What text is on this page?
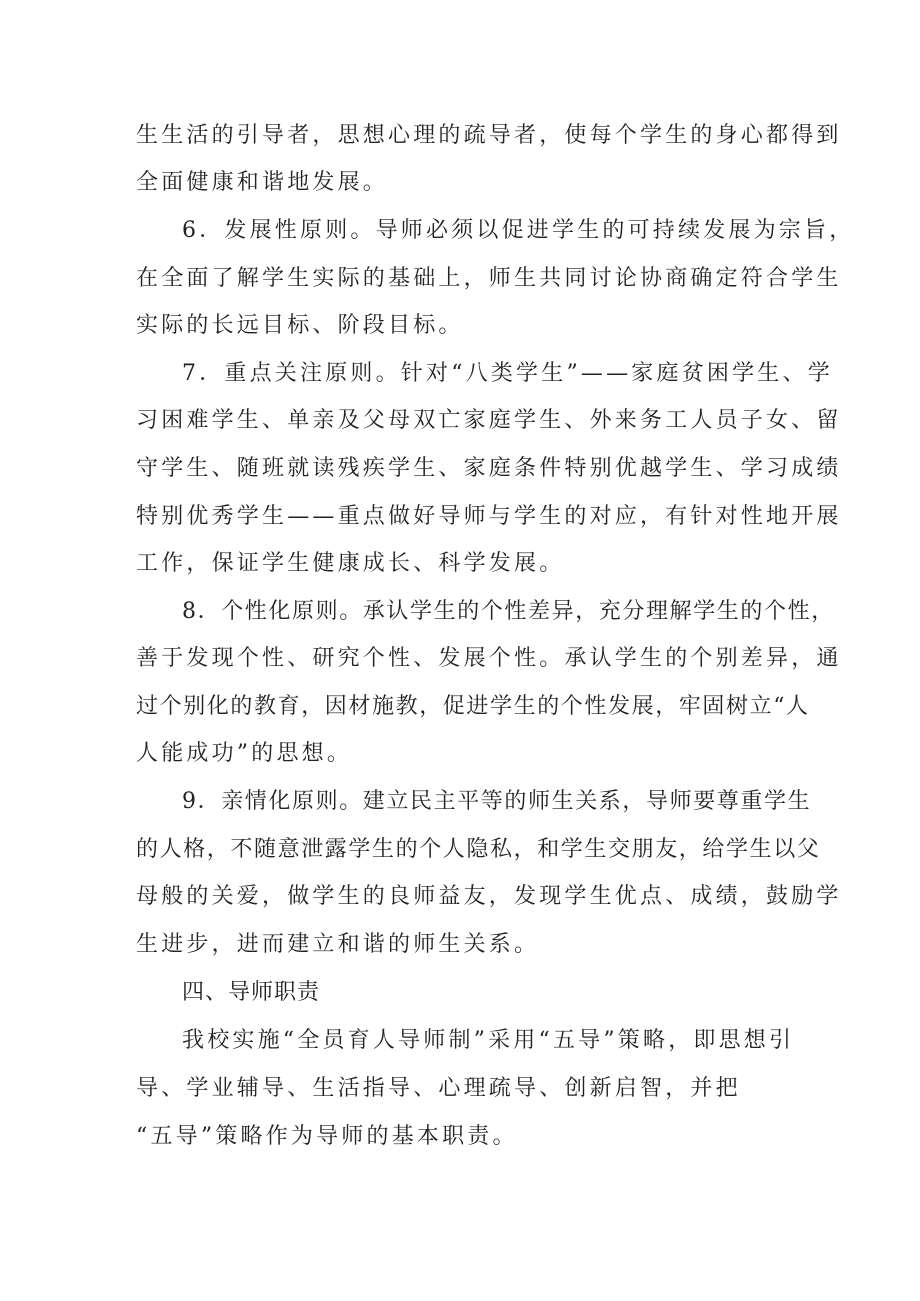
生生活的引导者，思想心理的疏导者，使每个学生的身心都得到
全面健康和谐地发展。
6．发展性原则。导师必须以促进学生的可持续发展为宗旨，
在全面了解学生实际的基础上，师生共同讨论协商确定符合学生
实际的长远目标、阶段目标。
7．重点关注原则。针对“八类学生”——家庭贫困学生、学
习困难学生、单亲及父母双亡家庭学生、外来务工人员子女、留
守学生、随班就读残疾学生、家庭条件特别优越学生、学习成绩
特别优秀学生——重点做好导师与学生的对应，有针对性地开展
工作，保证学生健康成长、科学发展。
8．个性化原则。承认学生的个性差异，充分理解学生的个性，
善于发现个性、研究个性、发展个性。承认学生的个别差异，通
过个别化的教育，因材施教，促进学生的个性发展，牢固树立“人
人能成功”的思想。
9．亲情化原则。建立民主平等的师生关系，导师要尊重学生
的人格，不随意泄露学生的个人隐私，和学生交朋友，给学生以父
母般的关爱，做学生的良师益友，发现学生优点、成绩，鼓励学
生进步，进而建立和谐的师生关系。
四、导师职责
我校实施“全员育人导师制”采用“五导”策略，即思想引
导、学业辅导、生活指导、心理疏导、创新启智，并把
“五导”策略作为导师的基本职责。
